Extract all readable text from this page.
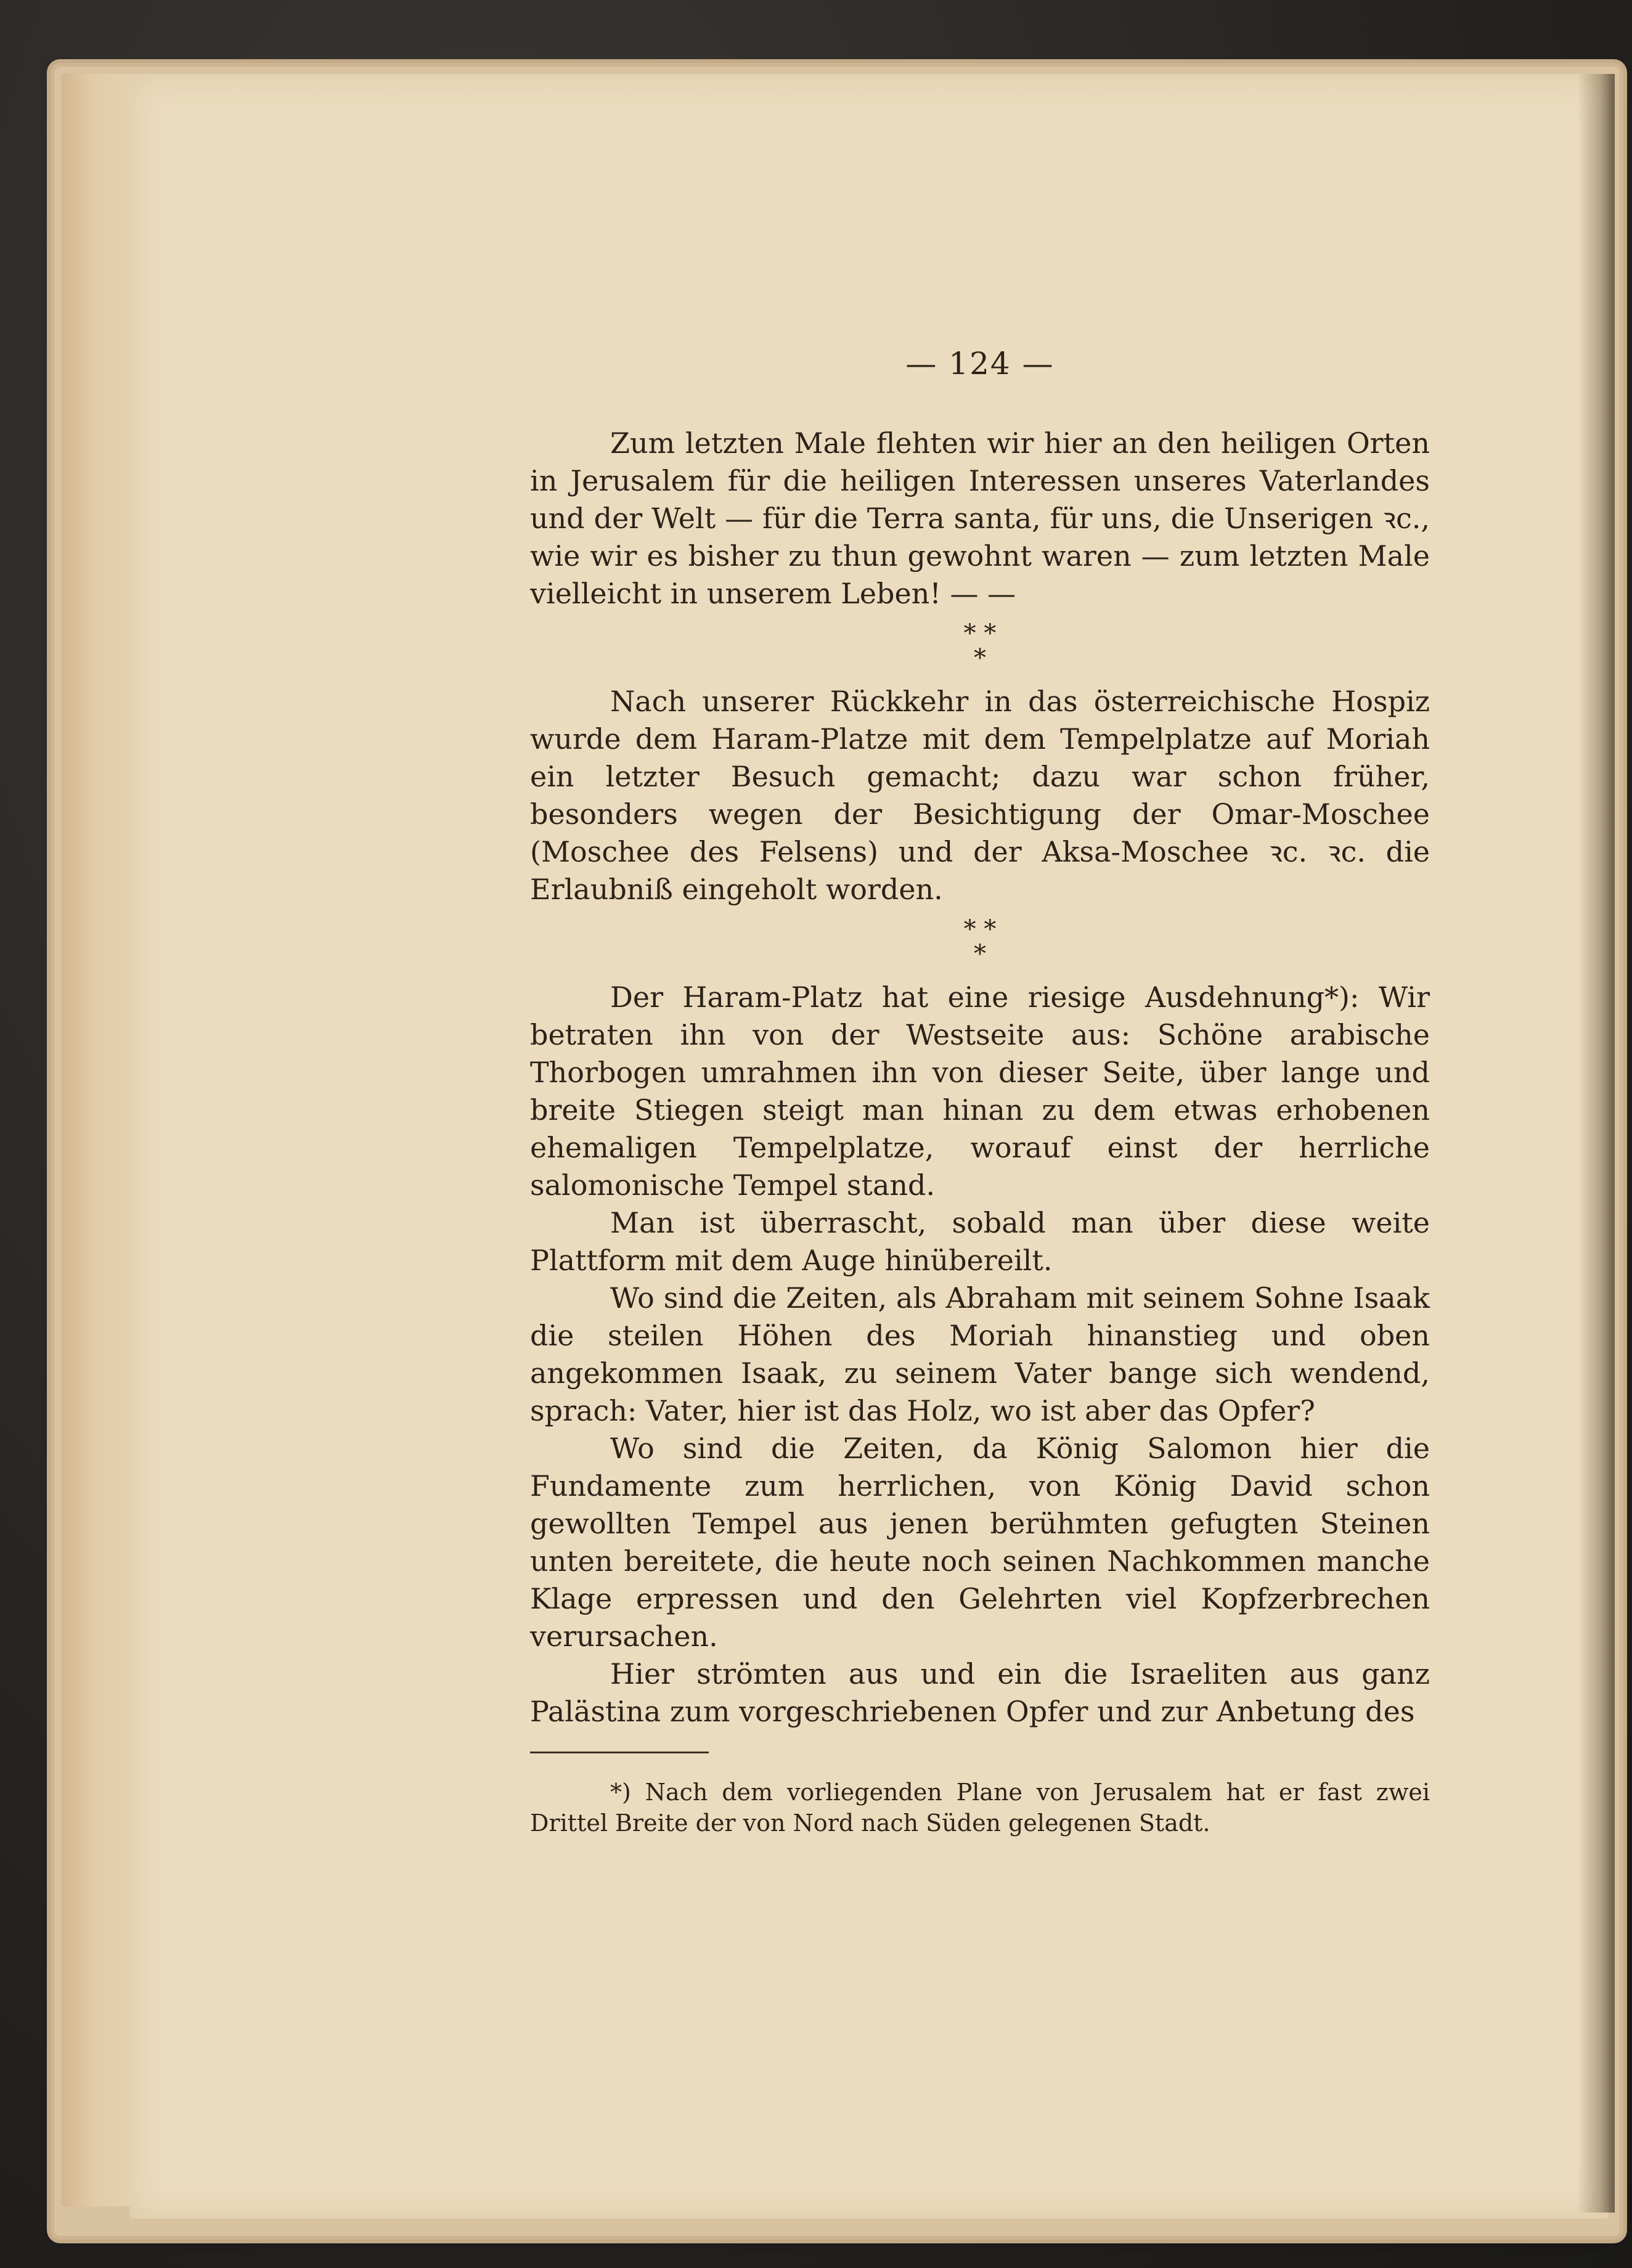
— 124 —

Zum letzten Male flehten wir hier an den heiligen Orten in Jerusalem für die heiligen Interessen unseres Vaterlandes und der Welt — für die Terra santa, für uns, die Unserigen ꝛc., wie wir es bisher zu thun gewohnt waren — zum letzten Male vielleicht in unserem Leben! — —

* *
*

Nach unserer Rückkehr in das österreichische Hospiz wurde dem Haram-Platze mit dem Tempelplatze auf Moriah ein letzter Besuch gemacht; dazu war schon früher, besonders wegen der Besichtigung der Omar-Moschee (Moschee des Felsens) und der Aksa-Moschee ꝛc. ꝛc. die Erlaubniß eingeholt worden.

* *
*

Der Haram-Platz hat eine riesige Ausdehnung*): Wir betraten ihn von der Westseite aus: Schöne arabische Thorbogen umrahmen ihn von dieser Seite, über lange und breite Stiegen steigt man hinan zu dem etwas erhobenen ehemaligen Tempelplatze, worauf einst der herrliche salomonische Tempel stand.

Man ist überrascht, sobald man über diese weite Plattform mit dem Auge hinübereilt.

Wo sind die Zeiten, als Abraham mit seinem Sohne Isaak die steilen Höhen des Moriah hinanstieg und oben angekommen Isaak, zu seinem Vater bange sich wendend, sprach: Vater, hier ist das Holz, wo ist aber das Opfer?

Wo sind die Zeiten, da König Salomon hier die Fundamente zum herrlichen, von König David schon gewollten Tempel aus jenen berühmten gefugten Steinen unten bereitete, die heute noch seinen Nachkommen manche Klage erpressen und den Gelehrten viel Kopfzerbrechen verursachen.

Hier strömten aus und ein die Israeliten aus ganz Palästina zum vorgeschriebenen Opfer und zur Anbetung des

*) Nach dem vorliegenden Plane von Jerusalem hat er fast zwei Drittel Breite der von Nord nach Süden gelegenen Stadt.
